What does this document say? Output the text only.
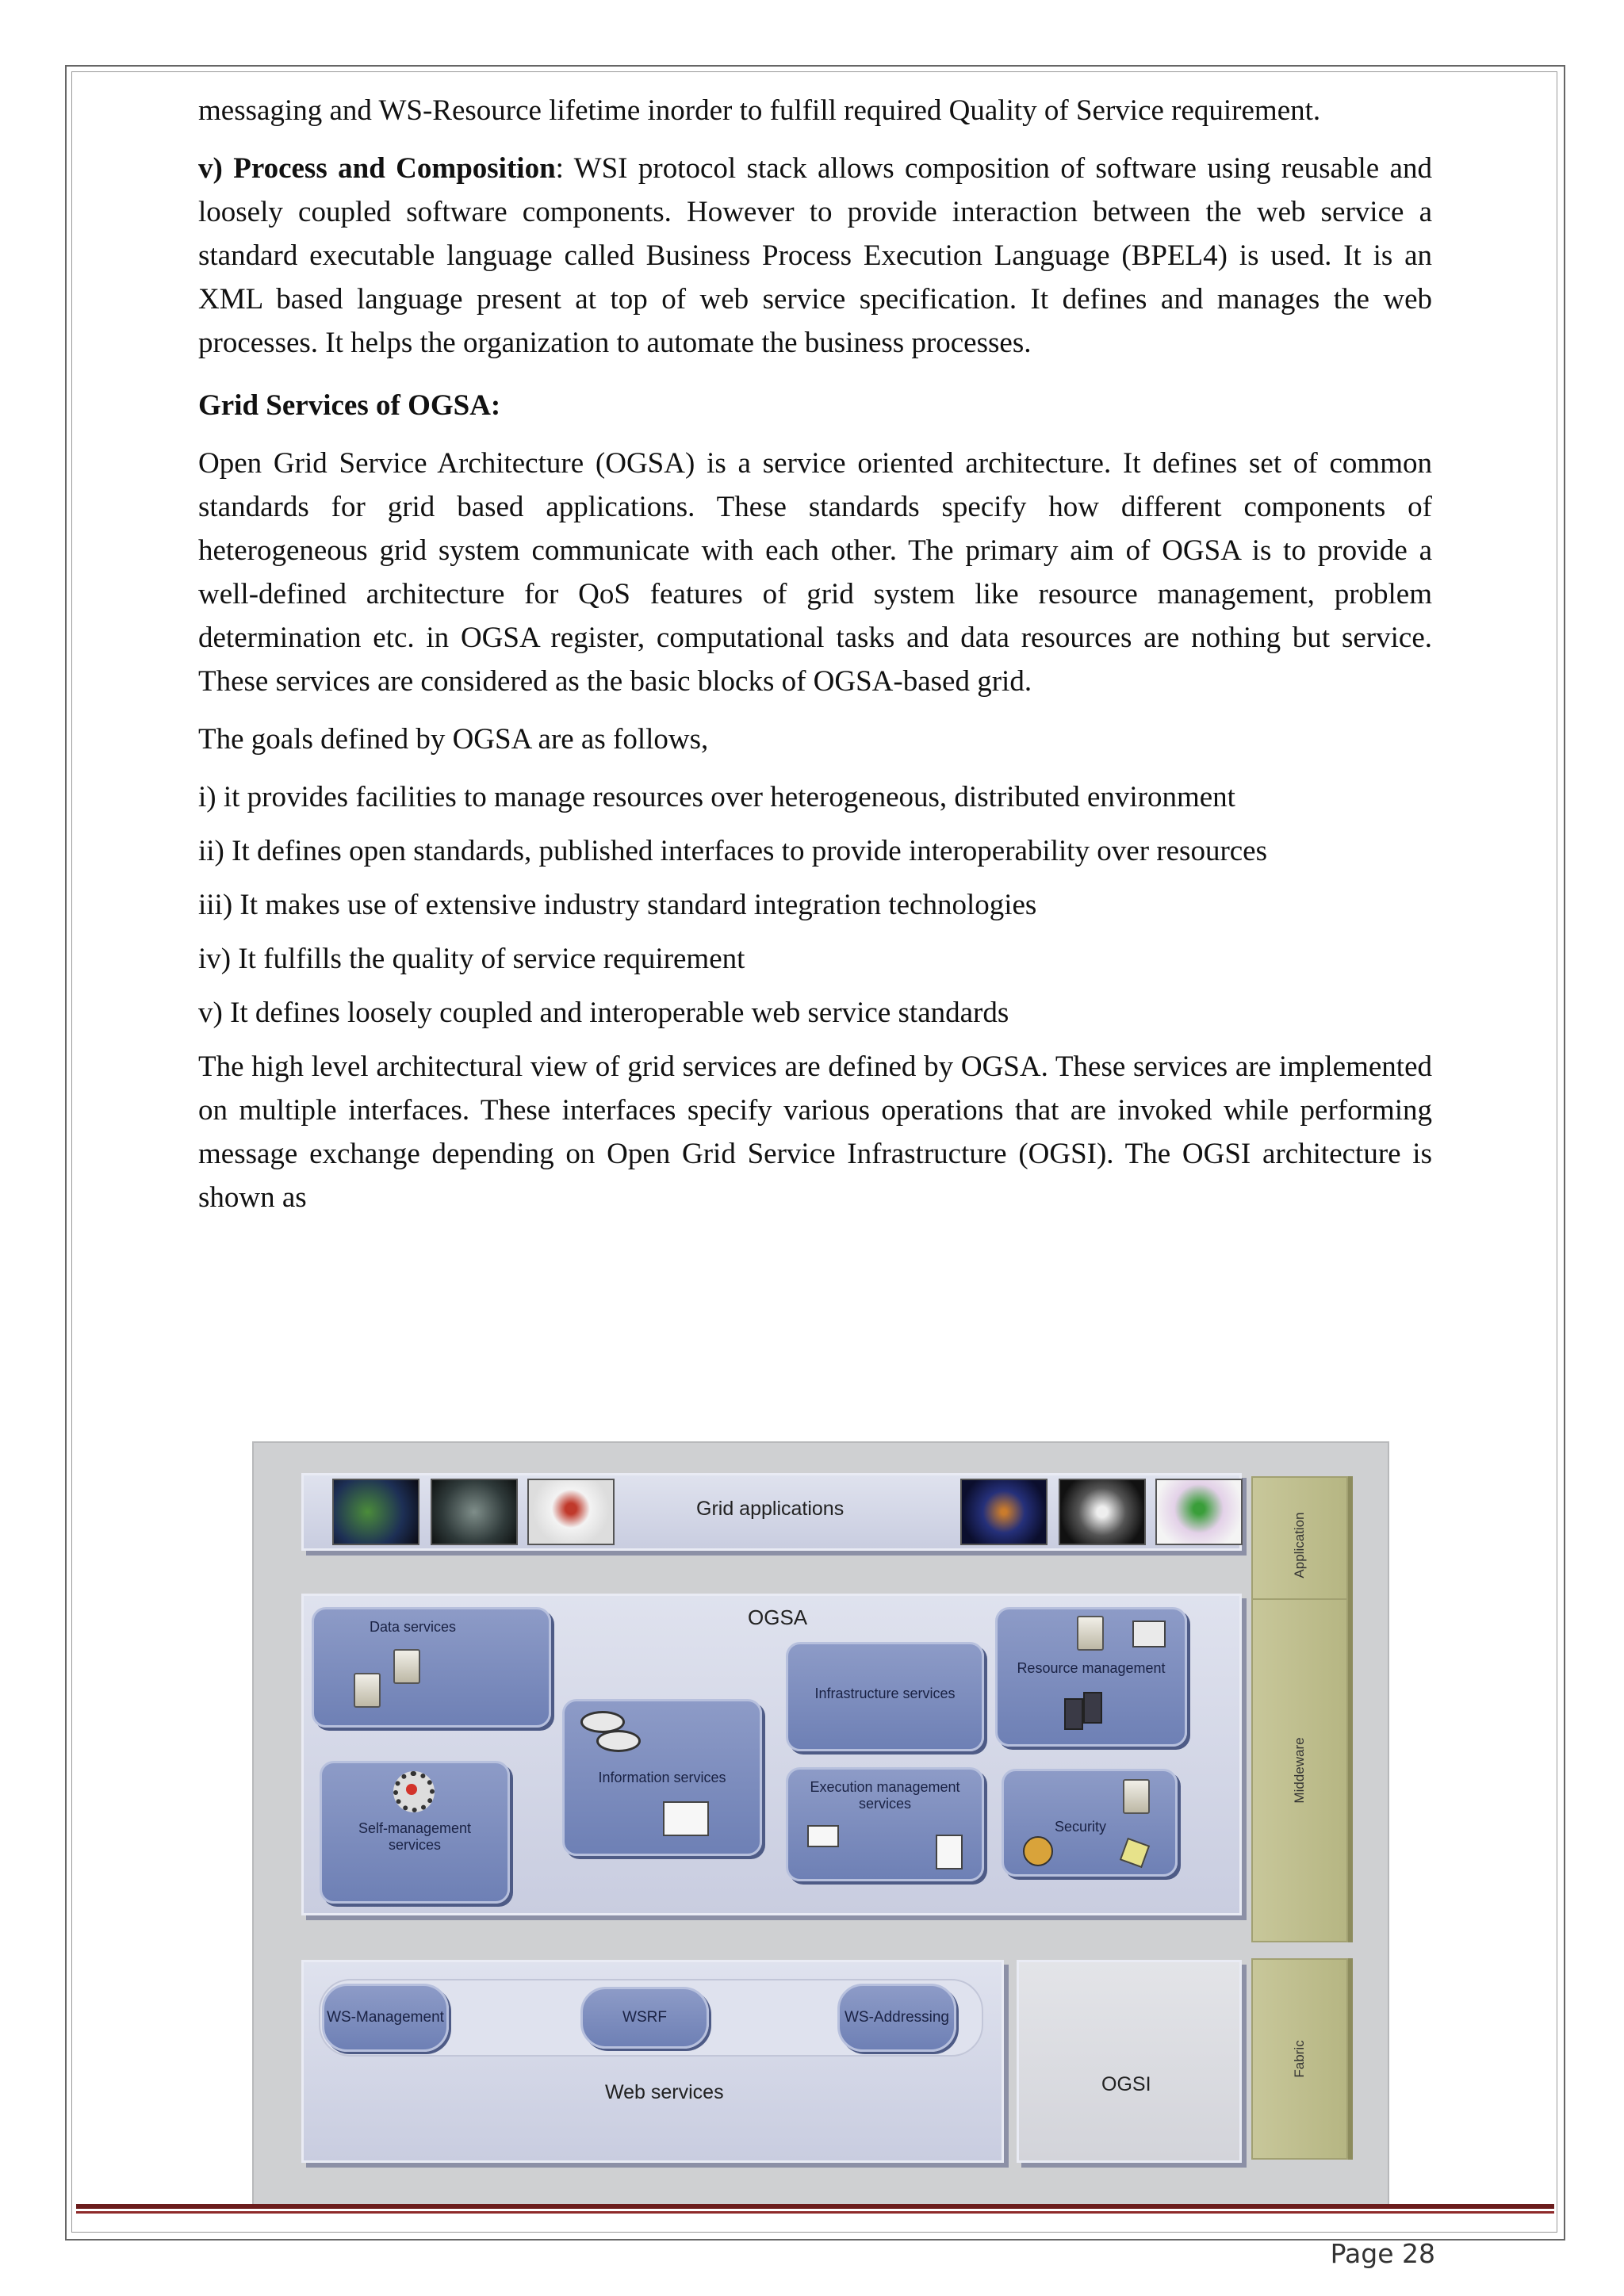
messaging and WS-Resource lifetime inorder to fulfill required Quality of Service requirement.

v) Process and Composition: WSI protocol stack allows composition of software using reusable and loosely coupled software components. However to provide interaction between the web service a standard executable language called Business Process Execution Language (BPEL4) is used. It is an XML based language present at top of web service specification. It defines and manages the web processes. It helps the organization to automate the business processes.

Grid Services of OGSA:

Open Grid Service Architecture (OGSA) is a service oriented architecture. It defines set of common standards for grid based applications. These standards specify how different components of heterogeneous grid system communicate with each other. The primary aim of OGSA is to provide a well-defined architecture for QoS features of grid system like resource management, problem determination etc. in OGSA register, computational tasks and data resources are nothing but service. These services are considered as the basic blocks of OGSA-based grid.

The goals defined by OGSA are as follows,

i) it provides facilities to manage resources over heterogeneous, distributed environment
ii) It defines open standards, published interfaces to provide interoperability over resources
iii) It makes use of extensive industry standard integration technologies
iv) It fulfills the quality of service requirement
v) It defines loosely coupled and interoperable web service standards

The high level architectural view of grid services are defined by OGSA. These services are implemented on multiple interfaces. These interfaces specify various operations that are invoked while performing message exchange depending on Open Grid Service Infrastructure (OGSI). The OGSI architecture is shown as

Grid applications
OGSA
Data services
Self-management services
Information services
Infrastructure services
Execution management services
Resource management
Security
Web services
WS-Management	WSRF	WS-Addressing
OGSI
Application
Middeware
Fabric
Page 28
